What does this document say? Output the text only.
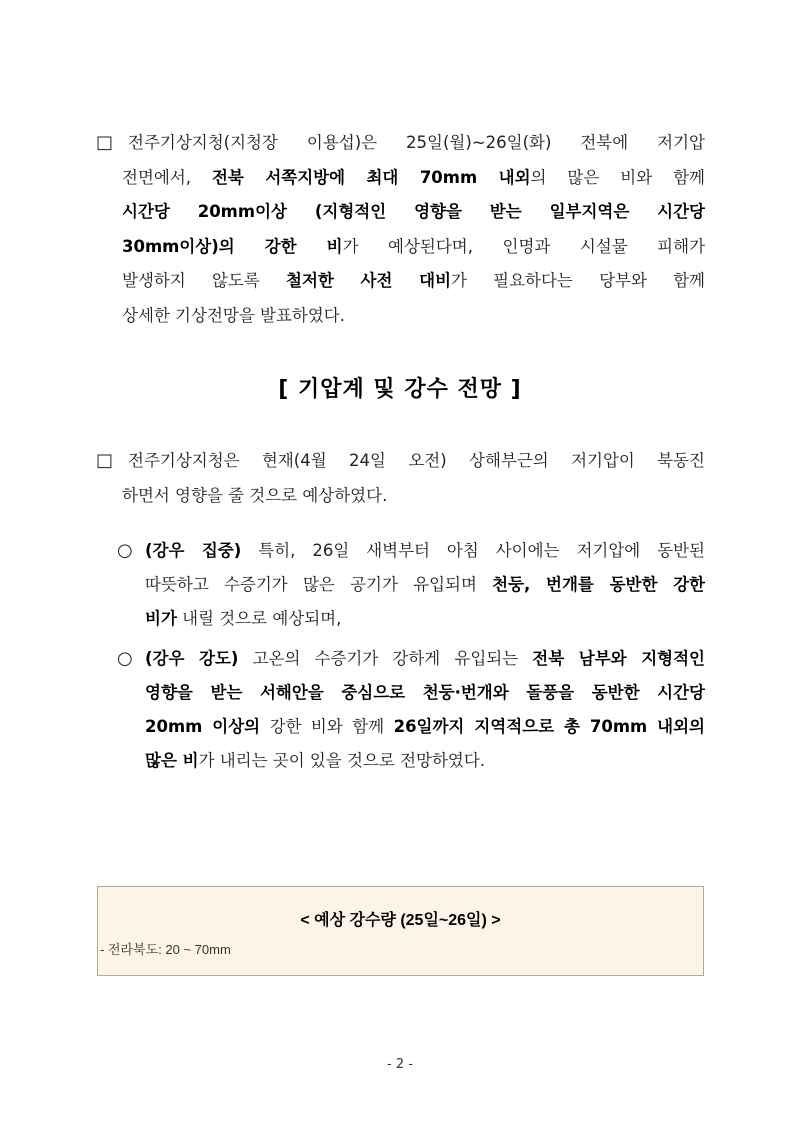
□ 전주기상지청(지청장 이용섭)은 25일(월)~26일(화) 전북에 저기압
전면에서, 전북 서쪽지방에 최대 70mm 내외의 많은 비와 함께
시간당 20mm이상 (지형적인 영향을 받는 일부지역은 시간당
30mm이상)의 강한 비가 예상된다며, 인명과 시설물 피해가
발생하지 않도록 철저한 사전 대비가 필요하다는 당부와 함께
상세한 기상전망을 발표하였다.
[ 기압계 및 강수 전망 ]
□ 전주기상지청은 현재(4월 24일 오전) 상해부근의 저기압이 북동진
하면서 영향을 줄 것으로 예상하였다.
○ (강우 집중) 특히, 26일 새벽부터 아침 사이에는 저기압에 동반된
따뜻하고 수증기가 많은 공기가 유입되며 천둥, 번개를 동반한 강한
비가 내릴 것으로 예상되며,
○ (강우 강도) 고온의 수증기가 강하게 유입되는 전북 남부와 지형적인
영향을 받는 서해안을 중심으로 천둥·번개와 돌풍을 동반한 시간당
20mm 이상의 강한 비와 함께 26일까지 지역적으로 총 70mm 내외의
많은 비가 내리는 곳이 있을 것으로 전망하였다.
< 예상 강수량 (25일~26일) >
- 전라북도: 20 ~ 70mm
- 2 -
